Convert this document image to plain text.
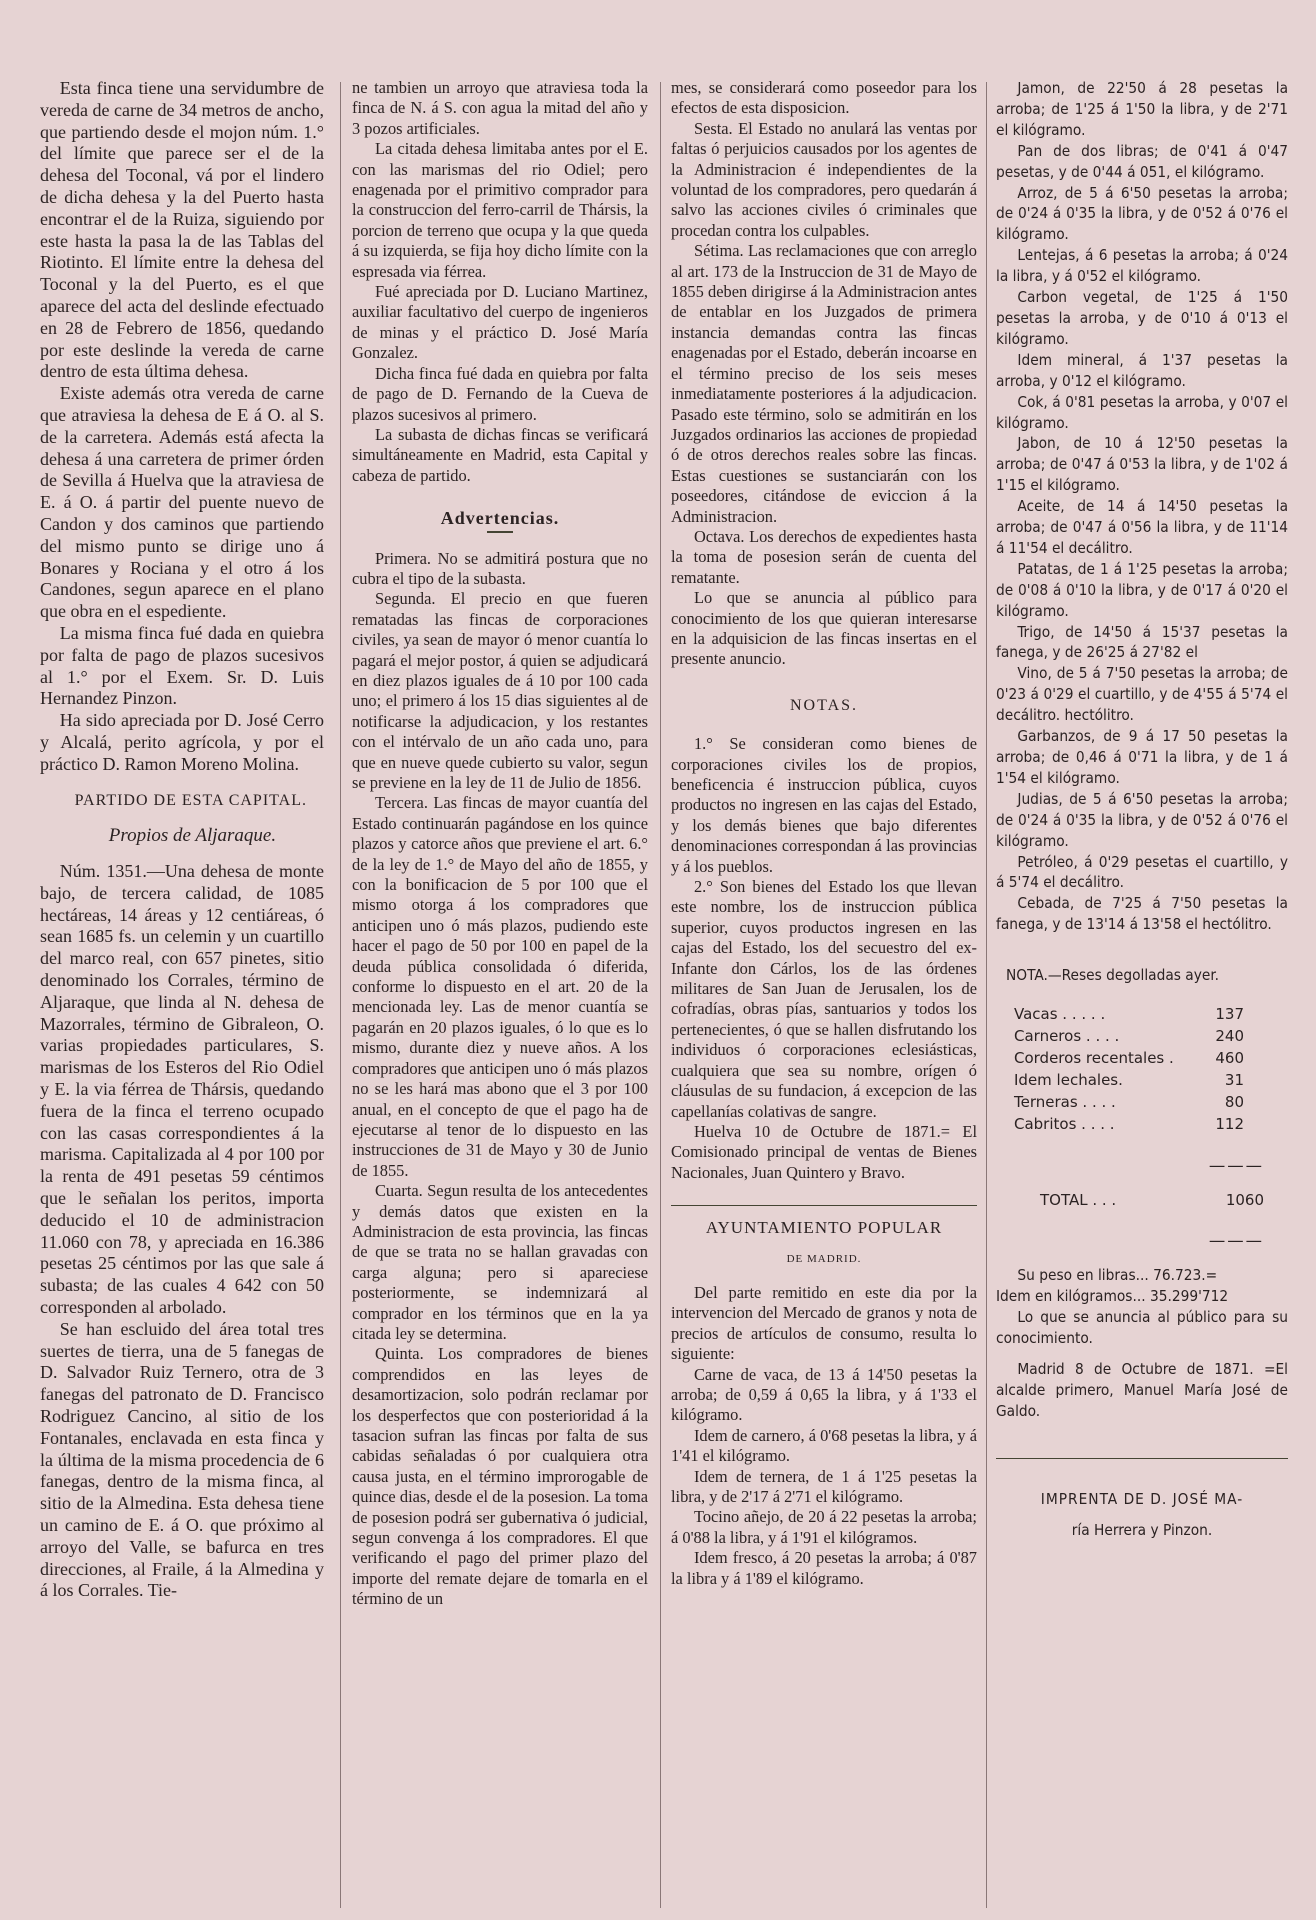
Esta finca tiene una servidumbre de vereda de carne de 34 metros de ancho, que partiendo desde el mojon núm. 1.° del límite que parece ser el de la dehesa del Toconal, vá por el lindero de dicha dehesa y la del Puerto hasta encontrar el de la Ruiza, siguiendo por este hasta la pasa la de las Tablas del Riotinto. El límite entre la dehesa del Toconal y la del Puerto, es el que aparece del acta del deslinde efectuado en 28 de Febrero de 1856, quedando por este deslinde la vereda de carne dentro de esta última dehesa.

Existe además otra vereda de carne que atraviesa la dehesa de E á O. al S. de la carretera. Además está afecta la dehesa á una carretera de primer órden de Sevilla á Huelva que la atraviesa de E. á O. á partir del puente nuevo de Candon y dos caminos que partiendo del mismo punto se dirige uno á Bonares y Rociana y el otro á los Candones, segun aparece en el plano que obra en el espediente.

La misma finca fué dada en quiebra por falta de pago de plazos sucesivos al 1.° por el Exem. Sr. D. Luis Hernandez Pinzon.

Ha sido apreciada por D. José Cerro y Alcalá, perito agrícola, y por el práctico D. Ramon Moreno Molina.

PARTIDO DE ESTA CAPITAL.

Propios de Aljaraque.

Núm. 1351.—Una dehesa de monte bajo, de tercera calidad, de 1085 hectáreas, 14 áreas y 12 centiáreas, ó sean 1685 fs. un celemin y un cuartillo del marco real, con 657 pinetes, sitio denominado los Corrales, término de Aljaraque, que linda al N. dehesa de Mazorrales, término de Gibraleon, O. varias propiedades particulares, S. marismas de los Esteros del Rio Odiel y E. la via férrea de Thársis, quedando fuera de la finca el terreno ocupado con las casas correspondientes á la marisma. Capitalizada al 4 por 100 por la renta de 491 pesetas 59 céntimos que le señalan los peritos, importa deducido el 10 de administracion 11.060 con 78, y apreciada en 16.386 pesetas 25 céntimos por las que sale á subasta; de las cuales 4 642 con 50 corresponden al arbolado.

Se han escluido del área total tres suertes de tierra, una de 5 fanegas de D. Salvador Ruiz Ternero, otra de 3 fanegas del patronato de D. Francisco Rodriguez Cancino, al sitio de los Fontanales, enclavada en esta finca y la última de la misma procedencia de 6 fanegas, dentro de la misma finca, al sitio de la Almedina. Esta dehesa tiene un camino de E. á O. que próximo al arroyo del Valle, se bafurca en tres direcciones, al Fraile, á la Almedina y á los Corrales. Tie-

ne tambien un arroyo que atraviesa toda la finca de N. á S. con agua la mitad del año y 3 pozos artificiales.

La citada dehesa limitaba antes por el E. con las marismas del rio Odiel; pero enagenada por el primitivo comprador para la construccion del ferro-carril de Thársis, la porcion de terreno que ocupa y la que queda á su izquierda, se fija hoy dicho límite con la espresada via férrea.

Fué apreciada por D. Luciano Martinez, auxiliar facultativo del cuerpo de ingenieros de minas y el práctico D. José María Gonzalez.

Dicha finca fué dada en quiebra por falta de pago de D. Fernando de la Cueva de plazos sucesivos al primero.

La subasta de dichas fincas se verificará simultáneamente en Madrid, esta Capital y cabeza de partido.

Advertencias.

Primera. No se admitirá postura que no cubra el tipo de la subasta.

Segunda. El precio en que fueren rematadas las fincas de corporaciones civiles, ya sean de mayor ó menor cuantía lo pagará el mejor postor, á quien se adjudicará en diez plazos iguales de á 10 por 100 cada uno; el primero á los 15 dias siguientes al de notificarse la adjudicacion, y los restantes con el intérvalo de un año cada uno, para que en nueve quede cubierto su valor, segun se previene en la ley de 11 de Julio de 1856.

Tercera. Las fincas de mayor cuantía del Estado continuarán pagándose en los quince plazos y catorce años que previene el art. 6.° de la ley de 1.° de Mayo del año de 1855, y con la bonificacion de 5 por 100 que el mismo otorga á los compradores que anticipen uno ó más plazos, pudiendo este hacer el pago de 50 por 100 en papel de la deuda pública consolidada ó diferida, conforme lo dispuesto en el art. 20 de la mencionada ley. Las de menor cuantía se pagarán en 20 plazos iguales, ó lo que es lo mismo, durante diez y nueve años. A los compradores que anticipen uno ó más plazos no se les hará mas abono que el 3 por 100 anual, en el concepto de que el pago ha de ejecutarse al tenor de lo dispuesto en las instrucciones de 31 de Mayo y 30 de Junio de 1855.

Cuarta. Segun resulta de los antecedentes y demás datos que existen en la Administracion de esta provincia, las fincas de que se trata no se hallan gravadas con carga alguna; pero si apareciese posteriormente, se indemnizará al comprador en los términos que en la ya citada ley se determina.

Quinta. Los compradores de bienes comprendidos en las leyes de desamortizacion, solo podrán reclamar por los desperfectos que con posterioridad á la tasacion sufran las fincas por falta de sus cabidas señaladas ó por cualquiera otra causa justa, en el término improrogable de quince dias, desde el de la posesion. La toma de posesion podrá ser gubernativa ó judicial, segun convenga á los compradores. El que verificando el pago del primer plazo del importe del remate dejare de tomarla en el término de un

mes, se considerará como poseedor para los efectos de esta disposicion.

Sesta. El Estado no anulará las ventas por faltas ó perjuicios causados por los agentes de la Administracion é independientes de la voluntad de los compradores, pero quedarán á salvo las acciones civiles ó criminales que procedan contra los culpables.

Sétima. Las reclamaciones que con arreglo al art. 173 de la Instruccion de 31 de Mayo de 1855 deben dirigirse á la Administracion antes de entablar en los Juzgados de primera instancia demandas contra las fincas enagenadas por el Estado, deberán incoarse en el término preciso de los seis meses inmediatamente posteriores á la adjudicacion. Pasado este término, solo se admitirán en los Juzgados ordinarios las acciones de propiedad ó de otros derechos reales sobre las fincas. Estas cuestiones se sustanciarán con los poseedores, citándose de eviccion á la Administracion.

Octava. Los derechos de expedientes hasta la toma de posesion serán de cuenta del rematante.

Lo que se anuncia al público para conocimiento de los que quieran interesarse en la adquisicion de las fincas insertas en el presente anuncio.

NOTAS.

1.° Se consideran como bienes de corporaciones civiles los de propios, beneficencia é instruccion pública, cuyos productos no ingresen en las cajas del Estado, y los demás bienes que bajo diferentes denominaciones correspondan á las provincias y á los pueblos.

2.° Son bienes del Estado los que llevan este nombre, los de instruccion pública superior, cuyos productos ingresen en las cajas del Estado, los del secuestro del ex-Infante don Cárlos, los de las órdenes militares de San Juan de Jerusalen, los de cofradías, obras pías, santuarios y todos los pertenecientes, ó que se hallen disfrutando los individuos ó corporaciones eclesiásticas, cualquiera que sea su nombre, orígen ó cláusulas de su fundacion, á excepcion de las capellanías colativas de sangre.

Huelva 10 de Octubre de 1871.= El Comisionado principal de ventas de Bienes Nacionales, Juan Quintero y Bravo.

AYUNTAMIENTO POPULAR

DE MADRID.

Del parte remitido en este dia por la intervencion del Mercado de granos y nota de precios de artículos de consumo, resulta lo siguiente:

Carne de vaca, de 13 á 14'50 pesetas la arroba; de 0,59 á 0,65 la libra, y á 1'33 el kilógramo.

Idem de carnero, á 0'68 pesetas la libra, y á 1'41 el kilógramo.

Idem de ternera, de 1 á 1'25 pesetas la libra, y de 2'17 á 2'71 el kilógramo.

Tocino añejo, de 20 á 22 pesetas la arroba; á 0'88 la libra, y á 1'91 el kilógramos.

Idem fresco, á 20 pesetas la arroba; á 0'87 la libra y á 1'89 el kilógramo.

Jamon, de 22'50 á 28 pesetas la arroba; de 1'25 á 1'50 la libra, y de 2'71 el kilógramo.

Pan de dos libras; de 0'41 á 0'47 pesetas, y de 0'44 á 051, el kilógramo.

Arroz, de 5 á 6'50 pesetas la arroba; de 0'24 á 0'35 la libra, y de 0'52 á 0'76 el kilógramo.

Lentejas, á 6 pesetas la arroba; á 0'24 la libra, y á 0'52 el kilógramo.

Carbon vegetal, de 1'25 á 1'50 pesetas la arroba, y de 0'10 á 0'13 el kilógramo.

Idem mineral, á 1'37 pesetas la arroba, y 0'12 el kilógramo.

Cok, á 0'81 pesetas la arroba, y 0'07 el kilógramo.

Jabon, de 10 á 12'50 pesetas la arroba; de 0'47 á 0'53 la libra, y de 1'02 á 1'15 el kilógramo.

Aceite, de 14 á 14'50 pesetas la arroba; de 0'47 á 0'56 la libra, y de 11'14 á 11'54 el decálitro.

Patatas, de 1 á 1'25 pesetas la arroba; de 0'08 á 0'10 la libra, y de 0'17 á 0'20 el kilógramo.

Trigo, de 14'50 á 15'37 pesetas la fanega, y de 26'25 á 27'82 el

Vino, de 5 á 7'50 pesetas la arroba; de 0'23 á 0'29 el cuartillo, y de 4'55 á 5'74 el decálitro. hectólitro.

Garbanzos, de 9 á 17 50 pesetas la arroba; de 0,46 á 0'71 la libra, y de 1 á 1'54 el kilógramo.

Judias, de 5 á 6'50 pesetas la arroba; de 0'24 á 0'35 la libra, y de 0'52 á 0'76 el kilógramo.

Petróleo, á 0'29 pesetas el cuartillo, y á 5'74 el decálitro.

Cebada, de 7'25 á 7'50 pesetas la fanega, y de 13'14 á 13'58 el hectólitro.

NOTA.—Reses degolladas ayer.

Vacas . . . . .	137
Carneros . . . .	240
Corderos recentales .	460
Idem lechales.	31
Terneras . . . .	80
Cabritos . . . .	112
———
TOTAL . . .	1060
———

Su peso en libras... 76.723.=

Idem en kilógramos... 35.299'712

Lo que se anuncia al público para su conocimiento.

Madrid 8 de Octubre de 1871. =El alcalde primero, Manuel María José de Galdo.

IMPRENTA DE D. JOSÉ MA-

ría Herrera y Pinzon.
